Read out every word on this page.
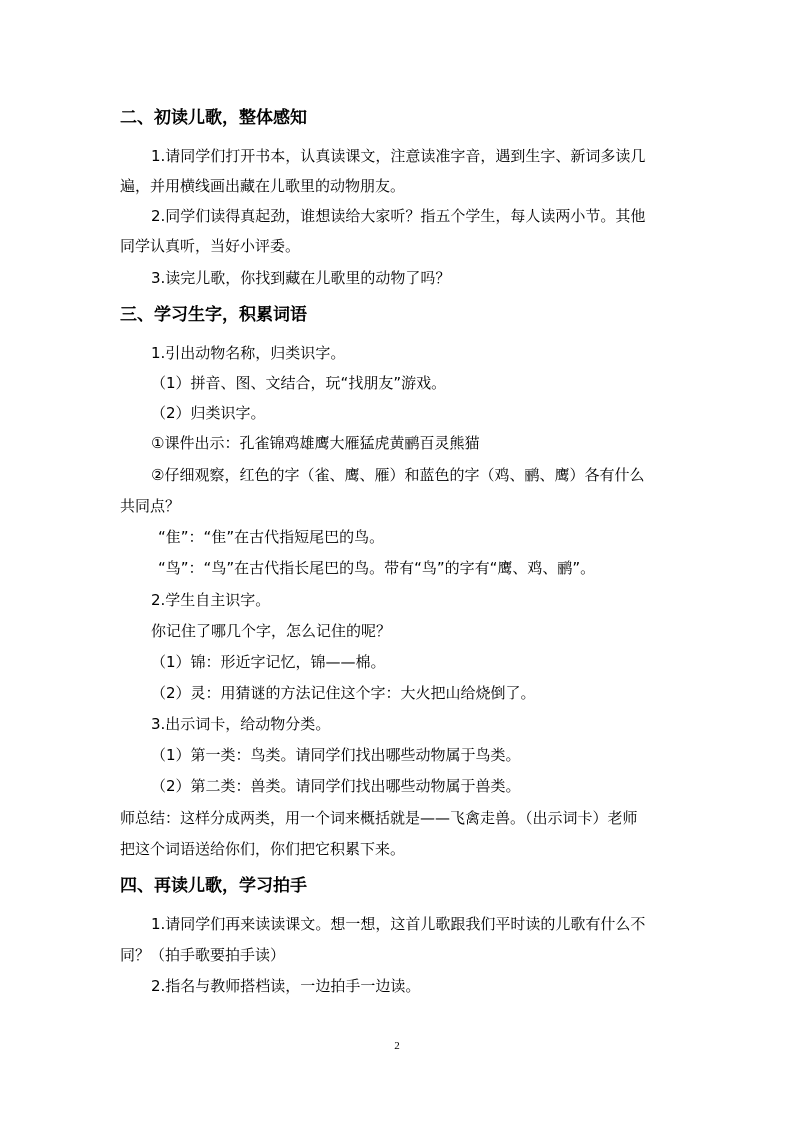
二、初读儿歌，整体感知
1.请同学们打开书本，认真读课文，注意读准字音，遇到生字、新词多读几
遍，并用横线画出藏在儿歌里的动物朋友。
2.同学们读得真起劲，谁想读给大家听？指五个学生，每人读两小节。其他
同学认真听，当好小评委。
3.读完儿歌，你找到藏在儿歌里的动物了吗？
三、学习生字，积累词语
1.引出动物名称，归类识字。
（1）拼音、图、文结合，玩“找朋友”游戏。
（2）归类识字。
①课件出示：孔雀锦鸡雄鹰大雁猛虎黄鹂百灵熊猫
②仔细观察，红色的字（雀、鹰、雁）和蓝色的字（鸡、鹂、鹰）各有什么
共同点？
“隹”：“隹”在古代指短尾巴的鸟。
“鸟”：“鸟”在古代指长尾巴的鸟。带有“鸟”的字有“鹰、鸡、鹂”。
2.学生自主识字。
你记住了哪几个字，怎么记住的呢？
（1）锦：形近字记忆，锦——棉。
（2）灵：用猜谜的方法记住这个字：大火把山给烧倒了。
3.出示词卡，给动物分类。
（1）第一类：鸟类。请同学们找出哪些动物属于鸟类。
（2）第二类：兽类。请同学们找出哪些动物属于兽类。
师总结：这样分成两类，用一个词来概括就是——飞禽走兽。（出示词卡）老师
把这个词语送给你们，你们把它积累下来。
四、再读儿歌，学习拍手
1.请同学们再来读读课文。想一想，这首儿歌跟我们平时读的儿歌有什么不
同？（拍手歌要拍手读）
2.指名与教师搭档读，一边拍手一边读。
2
